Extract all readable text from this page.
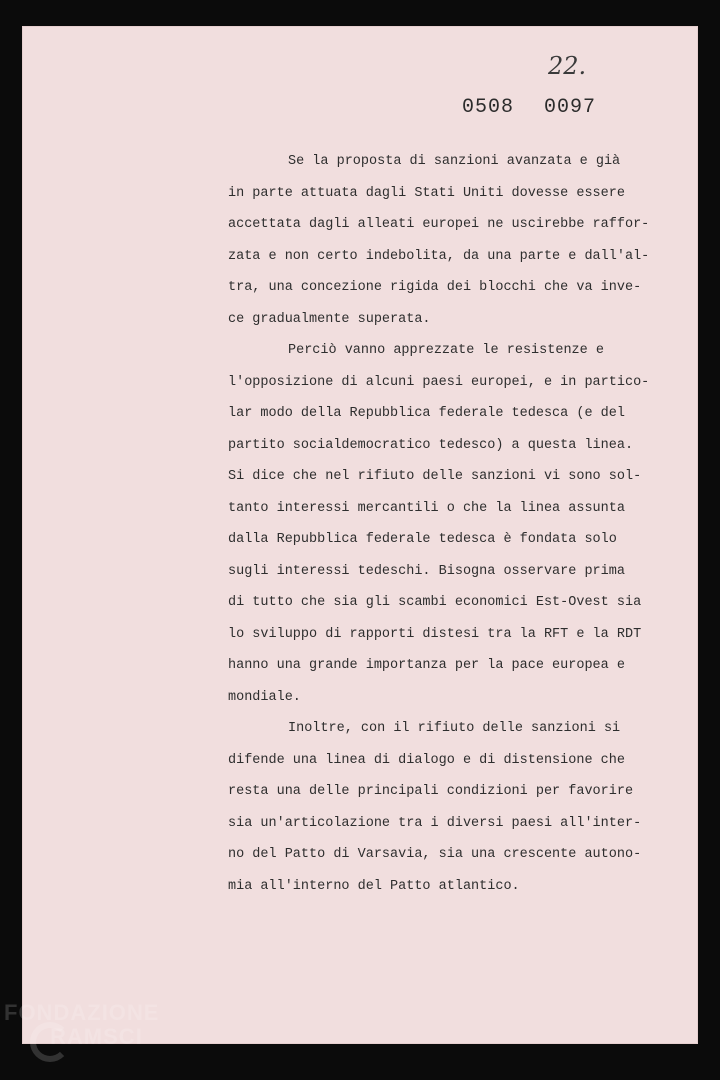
22.
0508 0097

Se la proposta di sanzioni avanzata e già
in parte attuata dagli Stati Uniti dovesse essere
accettata dagli alleati europei ne uscirebbe raffor-
zata e non certo indebolita, da una parte e dall'al-
tra, una concezione rigida dei blocchi che va inve-
ce gradualmente superata.

Perciò vanno apprezzate le resistenze e
l'opposizione di alcuni paesi europei, e in partico-
lar modo della Repubblica federale tedesca (e del
partito socialdemocratico tedesco) a questa linea.
Si dice che nel rifiuto delle sanzioni vi sono sol-
tanto interessi mercantili o che la linea assunta
dalla Repubblica federale tedesca è fondata solo
sugli interessi tedeschi. Bisogna osservare prima
di tutto che sia gli scambi economici Est-Ovest sia
lo sviluppo di rapporti distesi tra la RFT e la RDT
hanno una grande importanza per la pace europea e
mondiale.

Inoltre, con il rifiuto delle sanzioni si
difende una linea di dialogo e di distensione che
resta una delle principali condizioni per favorire
sia un'articolazione tra i diversi paesi all'inter-
no del Patto di Varsavia, sia una crescente autono-
mia all'interno del Patto atlantico.

FONDAZIONE
RAMSCI
